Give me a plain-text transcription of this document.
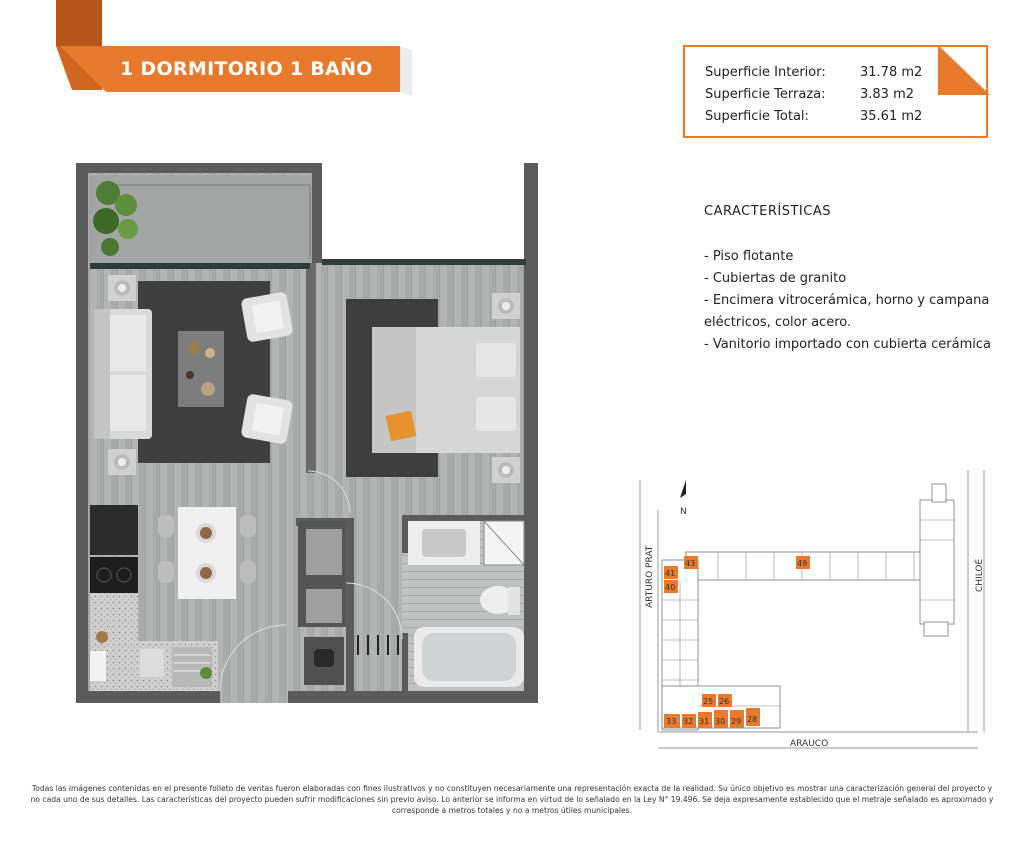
1 DORMITORIO 1 BAÑO	Superficie Interior:	31.78 m2
Superficie Terraza:	3.83 m2
Superficie Total:	35.61 m2
CARACTERÍSTICAS
- Piso flotante
- Cubiertas de granito
- Encimera vitrocerámica, horno y campana
eléctricos, color acero.
- Vanitorio importado con cubierta cerámica
N
ARTURO PRAT	CHILOÉ
ARAUCO
43
41
40
49
25 26
33 32 31 30 29 28
Todas las imágenes contenidas en el presente folleto de ventas fueron elaboradas con fines ilustrativos y no constituyen necesariamente una representación exacta de la realidad. Su único objetivo es mostrar una caracterización general del proyecto y no cada uno de sus detalles. Las características del proyecto pueden sufrir modificaciones sin previo aviso. Lo anterior se informa en virtud de lo señalado en la Ley N° 19.496. Se deja expresamente establecido que el metraje señalado es aproximado y corresponde a metros totales y no a metros útiles municipales.
